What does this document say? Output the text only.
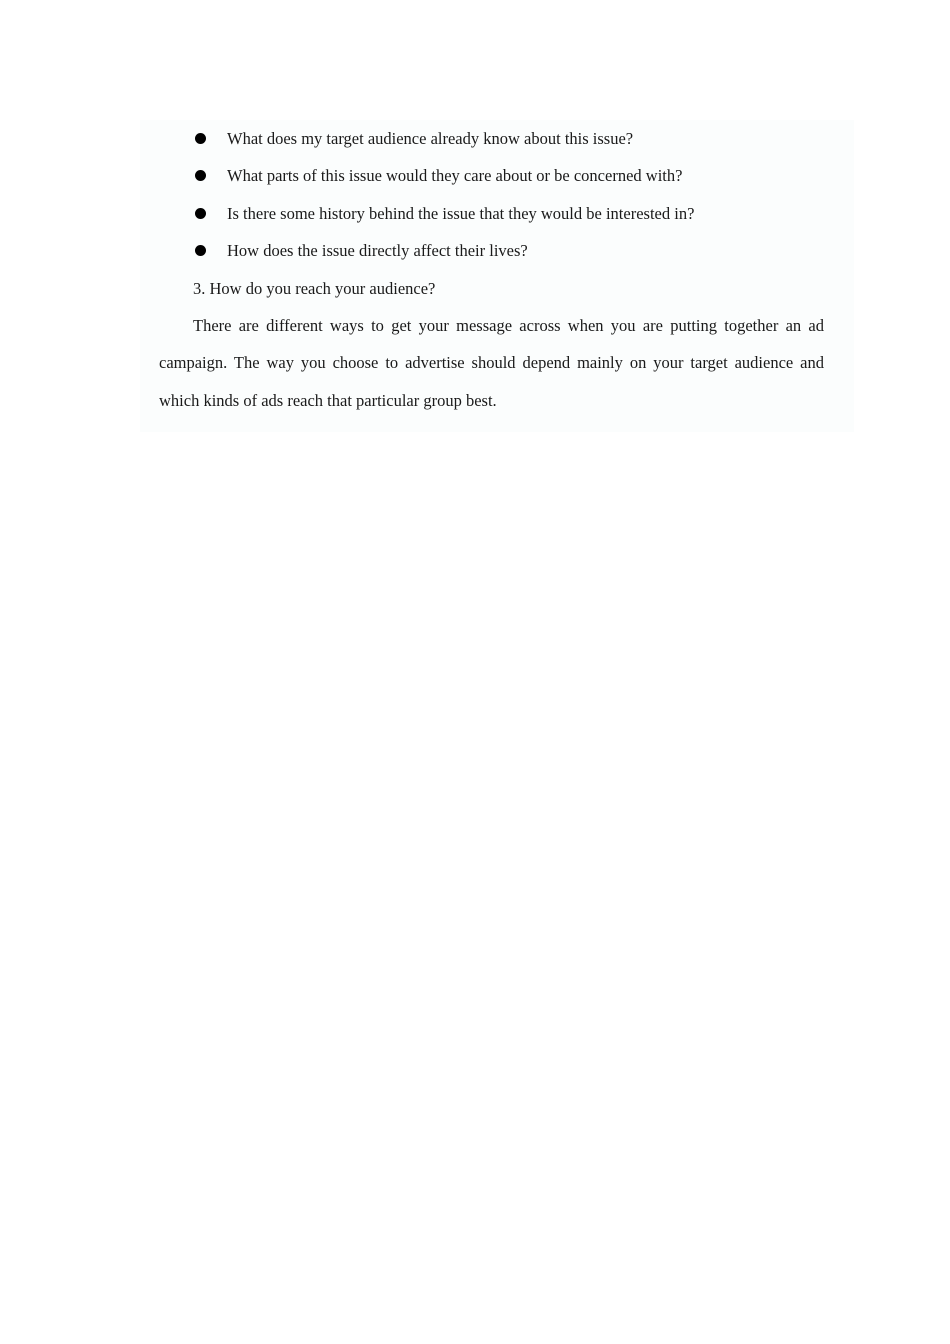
What does my target audience already know about this issue?
What parts of this issue would they care about or be concerned with?
Is there some history behind the issue that they would be interested in?
How does the issue directly affect their lives?
3. How do you reach your audience?

There are different ways to get your message across when you are putting together an ad campaign. The way you choose to advertise should depend mainly on your target audience and which kinds of ads reach that particular group best.
